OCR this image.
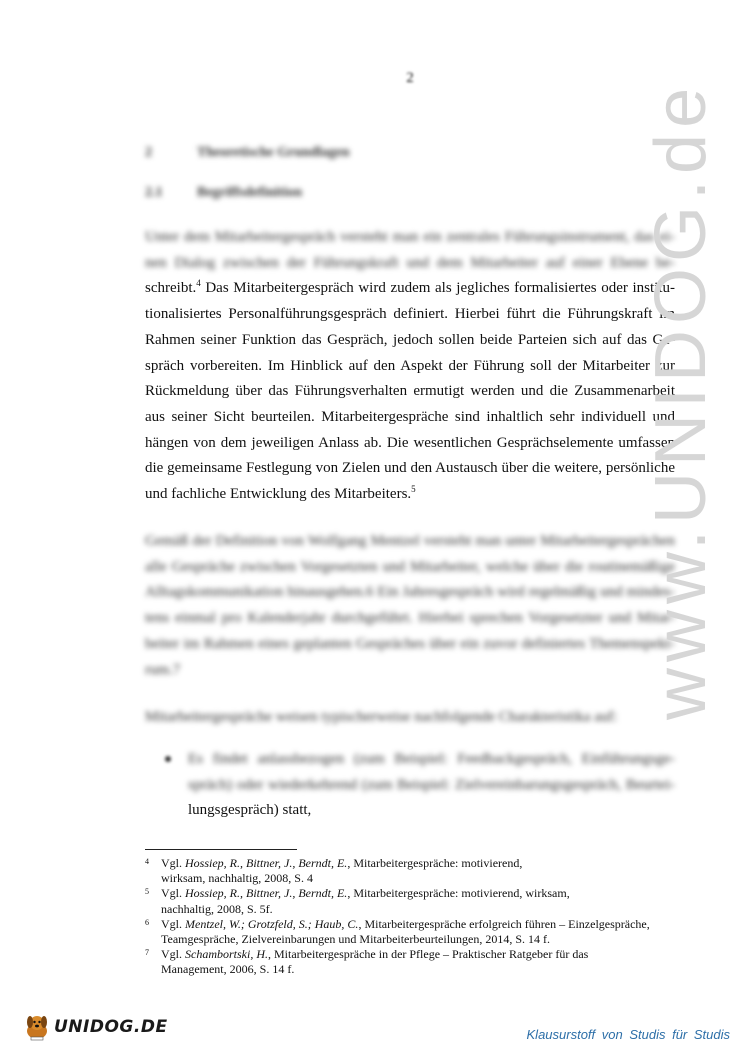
2
2	Theoretische Grundlagen
2.1 Begriffsdefinition
Unter dem Mitarbeitergespräch versteht man ein zentrales Führungsinstrument, das ei-
nen Dialog zwischen der Führungskraft und dem Mitarbeiter auf einer Ebene be-
schreibt.$^4$ Das Mitarbeitergespräch wird zudem als jegliches formalisiertes oder institu-
tionalisiertes Personalführungsgespräch definiert. Hierbei führt die Führungskraft im
Rahmen seiner Funktion das Gespräch, jedoch sollen beide Parteien sich auf das Ge-
spräch vorbereiten. Im Hinblick auf den Aspekt der Führung soll der Mitarbeiter zur
Rückmeldung über das Führungsverhalten ermutigt werden und die Zusammenarbeit
aus seiner Sicht beurteilen. Mitarbeitergespräche sind inhaltlich sehr individuell und
hängen von dem jeweiligen Anlass ab. Die wesentlichen Gesprächselemente umfassen
die gemeinsame Festlegung von Zielen und den Austausch über die weitere, persönliche
und fachliche Entwicklung des Mitarbeiters.$^5$
Gemäß der Definition von Wolfgang Mentzel versteht man unter Mitarbeitergesprächen
alle Gespräche zwischen Vorgesetzten und Mitarbeiter, welche über die routinemäßige
Alltagskommunikation hinausgehen.6 Ein Jahresgespräch wird regelmäßig und mindes-
tens einmal pro Kalenderjahr durchgeführt. Hierbei sprechen Vorgesetzter und Mitar-
beiter im Rahmen eines geplanten Gespräches über ein zuvor definiertes Themenspekt-
rum.7
Mitarbeitergespräche weisen typischerweise nachfolgende Charakteristika auf:
Es findet anlassbezogen (zum Beispiel: Feedbackgespräch, Einführungsge-
spräch) oder wiederkehrend (zum Beispiel: Zielvereinbarungsgespräch, Beurtei-
lungsgespräch) statt,
4 Vgl. Hossiep, R., Bittner, J., Berndt, E., Mitarbeitergespräche: motivierend,
wirksam, nachhaltig, 2008, S. 4
5 Vgl. Hossiep, R., Bittner, J., Berndt, E., Mitarbeitergespräche: motivierend, wirksam,
nachhaltig, 2008, S. 5f.
6 Vgl. Mentzel, W.; Grotzfeld, S.; Haub, C., Mitarbeitergespräche erfolgreich führen – Einzelgespräche,
Teamgespräche, Zielvereinbarungen und Mitarbeiterbeurteilungen, 2014, S. 14 f.
7 Vgl. Schambortski, H., Mitarbeitergespräche in der Pflege – Praktischer Ratgeber für das
Management, 2006, S. 14 f.
www.UNIDOG.de
UNIDOG.DE	Klausurstoff von Studis für Studis
